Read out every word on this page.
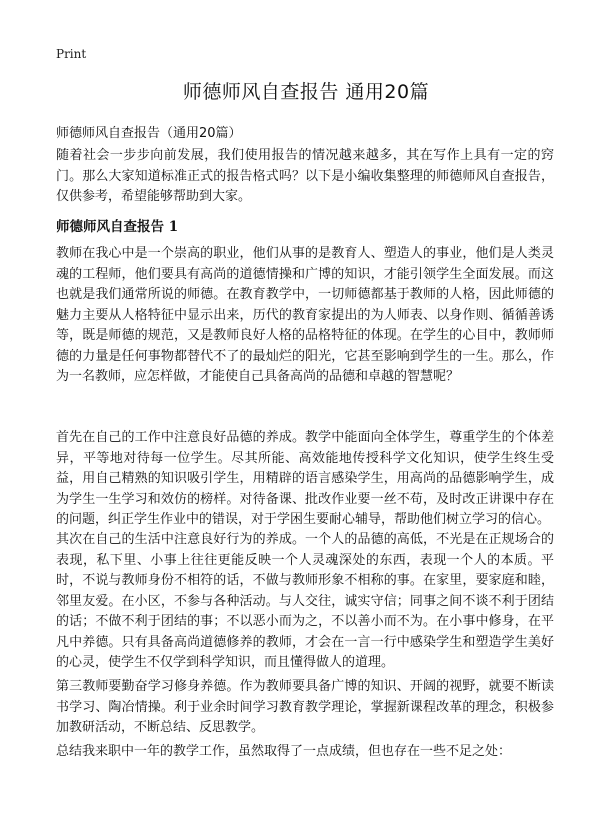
Print
师德师风自查报告 通用20篇

师德师风自查报告（通用20篇）

随着社会一步步向前发展，我们使用报告的情况越来越多，其在写作上具有一定的窍门。那么大家知道标准正式的报告格式吗？以下是小编收集整理的师德师风自查报告，仅供参考，希望能够帮助到大家。

师德师风自查报告 1

教师在我心中是一个崇高的职业，他们从事的是教育人、塑造人的事业，他们是人类灵魂的工程师，他们要具有高尚的道德情操和广博的知识，才能引领学生全面发展。而这也就是我们通常所说的师德。在教育教学中，一切师德都基于教师的人格，因此师德的魅力主要从人格特征中显示出来，历代的教育家提出的为人师表、以身作则、循循善诱等，既是师德的规范，又是教师良好人格的品格特征的体现。在学生的心目中，教师师德的力量是任何事物都替代不了的最灿烂的阳光，它甚至影响到学生的一生。那么，作为一名教师，应怎样做，才能使自己具备高尚的品德和卓越的智慧呢？

首先在自己的工作中注意良好品德的养成。教学中能面向全体学生，尊重学生的个体差异，平等地对待每一位学生。尽其所能、高效能地传授科学文化知识，使学生终生受益，用自己精熟的知识吸引学生，用精辟的语言感染学生，用高尚的品德影响学生，成为学生一生学习和效仿的榜样。对待备课、批改作业要一丝不苟，及时改正讲课中存在的问题，纠正学生作业中的错误，对于学困生要耐心辅导，帮助他们树立学习的信心。

其次在自己的生活中注意良好行为的养成。一个人的品德的高低，不光是在正规场合的表现，私下里、小事上往往更能反映一个人灵魂深处的东西，表现一个人的本质。平时，不说与教师身份不相符的话，不做与教师形象不相称的事。在家里，要家庭和睦，邻里友爱。在小区，不参与各种活动。与人交往，诚实守信；同事之间不谈不利于团结的话；不做不利于团结的事；不以恶小而为之，不以善小而不为。在小事中修身，在平凡中养德。只有具备高尚道德修养的教师，才会在一言一行中感染学生和塑造学生美好的心灵，使学生不仅学到科学知识，而且懂得做人的道理。

第三教师要勤奋学习修身养德。作为教师要具备广博的知识、开阔的视野，就要不断读书学习、陶冶情操。利于业余时间学习教育教学理论，掌握新课程改革的理念，积极参加教研活动，不断总结、反思教学。

总结我来职中一年的教学工作，虽然取得了一点成绩，但也存在一些不足之处：
